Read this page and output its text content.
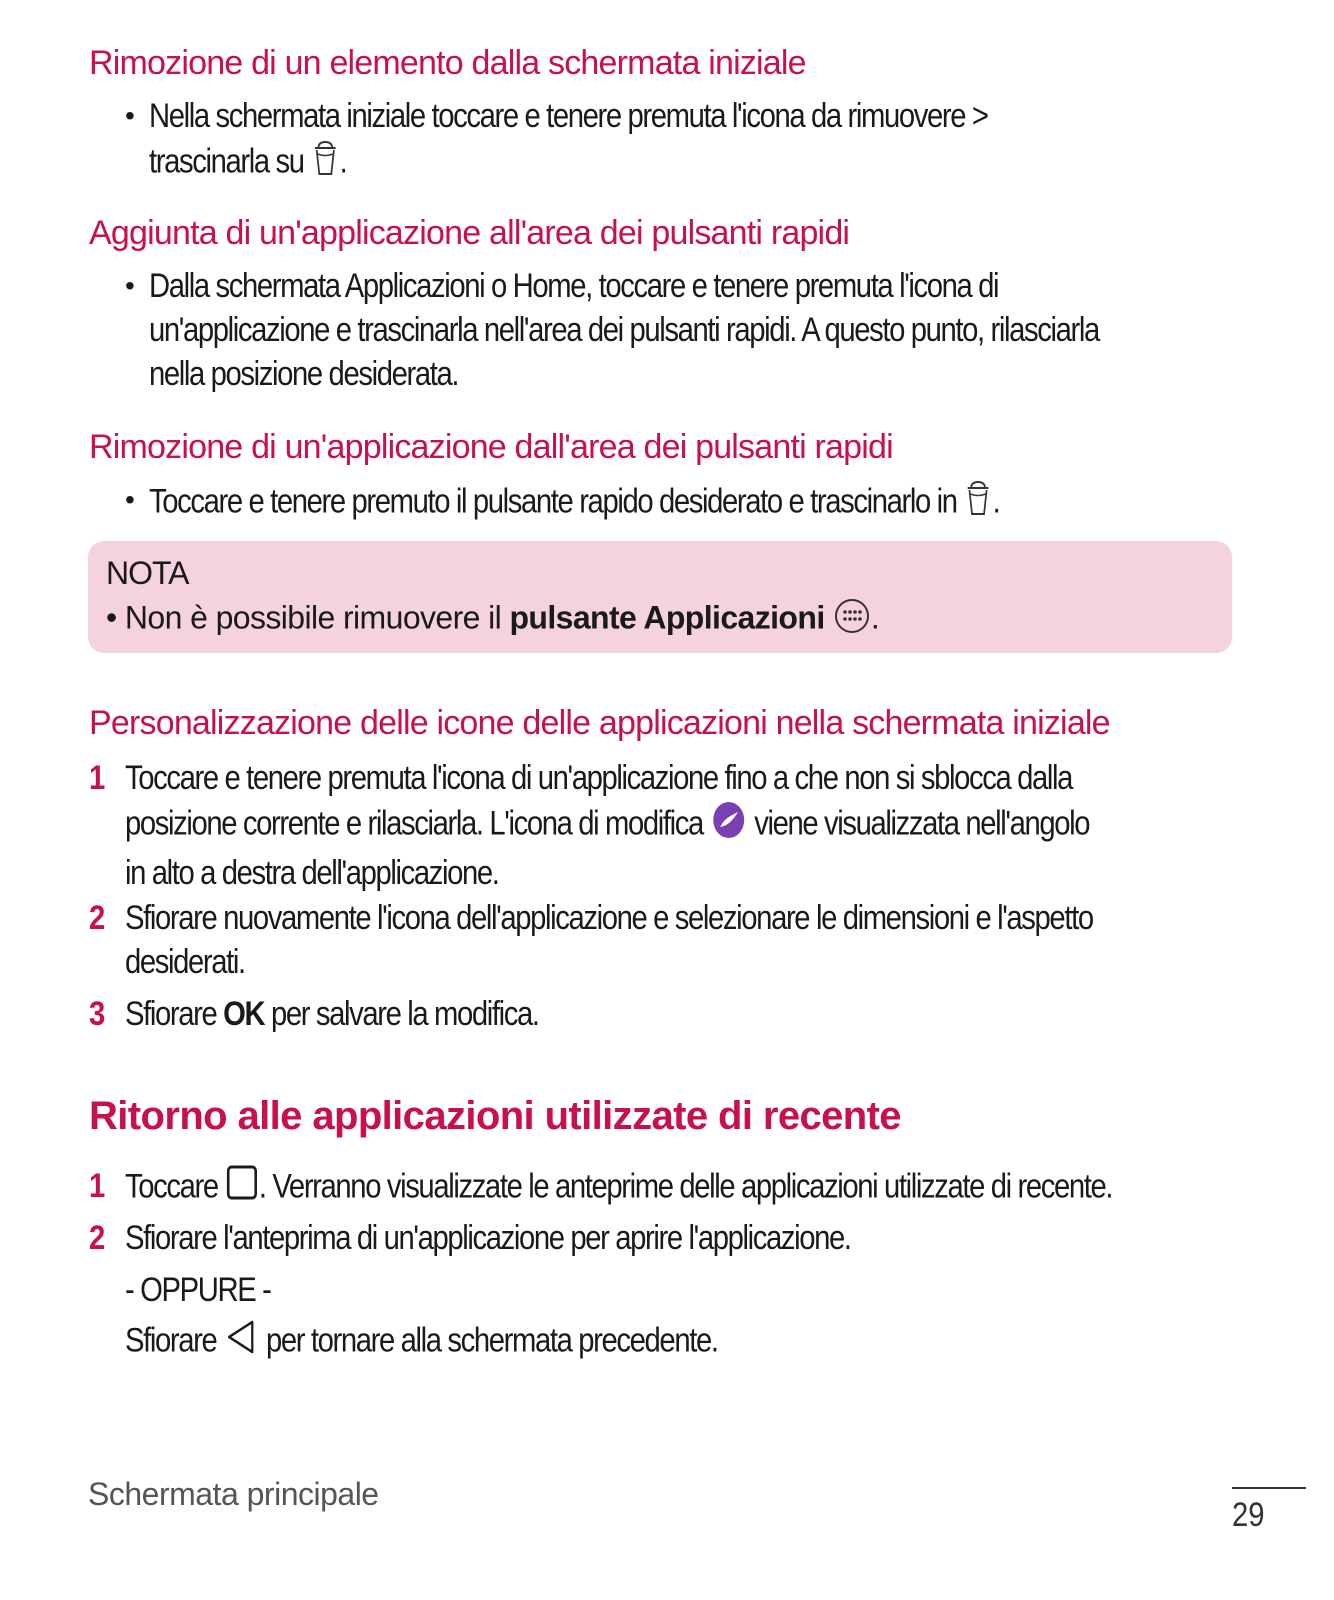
Rimozione di un elemento dalla schermata iniziale
• Nella schermata iniziale toccare e tenere premuta l'icona da rimuovere >
trascinarla su .
Aggiunta di un'applicazione all'area dei pulsanti rapidi
• Dalla schermata Applicazioni o Home, toccare e tenere premuta l'icona di
un'applicazione e trascinarla nell'area dei pulsanti rapidi. A questo punto, rilasciarla
nella posizione desiderata.
Rimozione di un'applicazione dall'area dei pulsanti rapidi
• Toccare e tenere premuto il pulsante rapido desiderato e trascinarlo in .
NOTA
• Non è possibile rimuovere il pulsante Applicazioni .
Personalizzazione delle icone delle applicazioni nella schermata iniziale
1 Toccare e tenere premuta l'icona di un'applicazione fino a che non si sblocca dalla
posizione corrente e rilasciarla. L'icona di modifica viene visualizzata nell'angolo
in alto a destra dell'applicazione.
2 Sfiorare nuovamente l'icona dell'applicazione e selezionare le dimensioni e l'aspetto
desiderati.
3 Sfiorare OK per salvare la modifica.
Ritorno alle applicazioni utilizzate di recente
1 Toccare . Verranno visualizzate le anteprime delle applicazioni utilizzate di recente.
2 Sfiorare l'anteprima di un'applicazione per aprire l'applicazione.
- OPPURE -
Sfiorare per tornare alla schermata precedente.
Schermata principale
29
